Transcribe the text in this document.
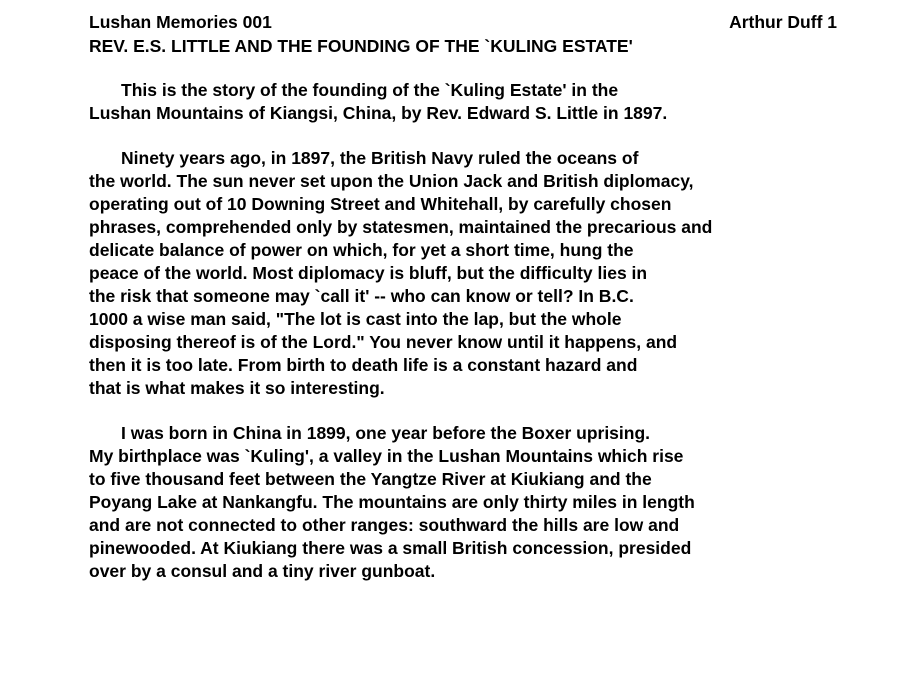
Lushan Memories 001	Arthur Duff 1
REV. E.S. LITTLE AND THE FOUNDING OF THE `KULING ESTATE'
This is the story of the founding of the `Kuling Estate' in the
Lushan Mountains of Kiangsi, China, by Rev. Edward S. Little in 1897.
Ninety years ago, in 1897, the British Navy ruled the oceans of
the world. The sun never set upon the Union Jack and British diplomacy,
operating out of 10 Downing Street and Whitehall, by carefully chosen
phrases, comprehended only by statesmen, maintained the precarious and
delicate balance of power on which, for yet a short time, hung the
peace of the world. Most diplomacy is bluff, but the difficulty lies in
the risk that someone may `call it' -- who can know or tell? In B.C.
1000 a wise man said, "The lot is cast into the lap, but the whole
disposing thereof is of the Lord." You never know until it happens, and
then it is too late. From birth to death life is a constant hazard and
that is what makes it so interesting.
I was born in China in 1899, one year before the Boxer uprising.
My birthplace was `Kuling', a valley in the Lushan Mountains which rise
to five thousand feet between the Yangtze River at Kiukiang and the
Poyang Lake at Nankangfu. The mountains are only thirty miles in length
and are not connected to other ranges: southward the hills are low and
pinewooded. At Kiukiang there was a small British concession, presided
over by a consul and a tiny river gunboat.
